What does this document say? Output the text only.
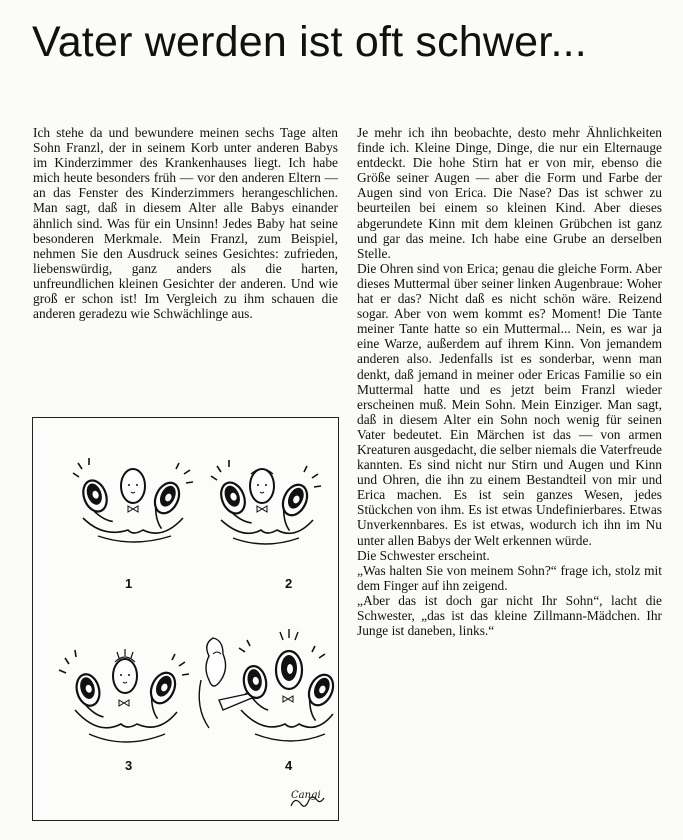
Vater werden ist oft schwer...

Ich stehe da und bewundere meinen sechs Tage alten Sohn Franzl, der in seinem Korb unter anderen Babys im Kinderzimmer des Krankenhauses liegt. Ich habe mich heute besonders früh — vor den anderen Eltern — an das Fenster des Kinderzimmers herangeschlichen. Man sagt, daß in diesem Alter alle Babys einander ähnlich sind. Was für ein Unsinn! Jedes Baby hat seine besonderen Merkmale. Mein Franzl, zum Beispiel, nehmen Sie den Ausdruck seines Gesichtes: zufrieden, liebenswürdig, ganz anders als die harten, unfreundlichen kleinen Gesichter der anderen. Und wie groß er schon ist! Im Vergleich zu ihm schauen die anderen geradezu wie Schwächlinge aus.

Je mehr ich ihn beobachte, desto mehr Ähnlichkeiten finde ich. Kleine Dinge, Dinge, die nur ein Elternauge entdeckt. Die hohe Stirn hat er von mir, ebenso die Größe seiner Augen — aber die Form und Farbe der Augen sind von Erica. Die Nase? Das ist schwer zu beurteilen bei einem so kleinen Kind. Aber dieses abgerundete Kinn mit dem kleinen Grübchen ist ganz und gar das meine. Ich habe eine Grube an derselben Stelle.

Die Ohren sind von Erica; genau die gleiche Form. Aber dieses Muttermal über seiner linken Augenbraue: Woher hat er das? Nicht daß es nicht schön wäre. Reizend sogar. Aber von wem kommt es? Moment! Die Tante meiner Tante hatte so ein Muttermal... Nein, es war ja eine Warze, außerdem auf ihrem Kinn. Von jemandem anderen also. Jedenfalls ist es sonderbar, wenn man denkt, daß jemand in meiner oder Ericas Familie so ein Muttermal hatte und es jetzt beim Franzl wieder erscheinen muß. Mein Sohn. Mein Einziger. Man sagt, daß in diesem Alter ein Sohn noch wenig für seinen Vater bedeutet. Ein Märchen ist das — von armen Kreaturen ausgedacht, die selber niemals die Vaterfreude kannten. Es sind nicht nur Stirn und Augen und Kinn und Ohren, die ihn zu einem Bestandteil von mir und Erica machen. Es ist sein ganzes Wesen, jedes Stückchen von ihm. Es ist etwas Undefinierbares. Etwas Unverkennbares. Es ist etwas, wodurch ich ihn im Nu unter allen Babys der Welt erkennen würde.

Die Schwester erscheint.

„Was halten Sie von meinem Sohn?“ frage ich, stolz mit dem Finger auf ihn zeigend.

„Aber das ist doch gar nicht Ihr Sohn“, lacht die Schwester, „das ist das kleine Zillmann-Mädchen. Ihr Junge ist daneben, links.“

1	2
3	4
Cangi
